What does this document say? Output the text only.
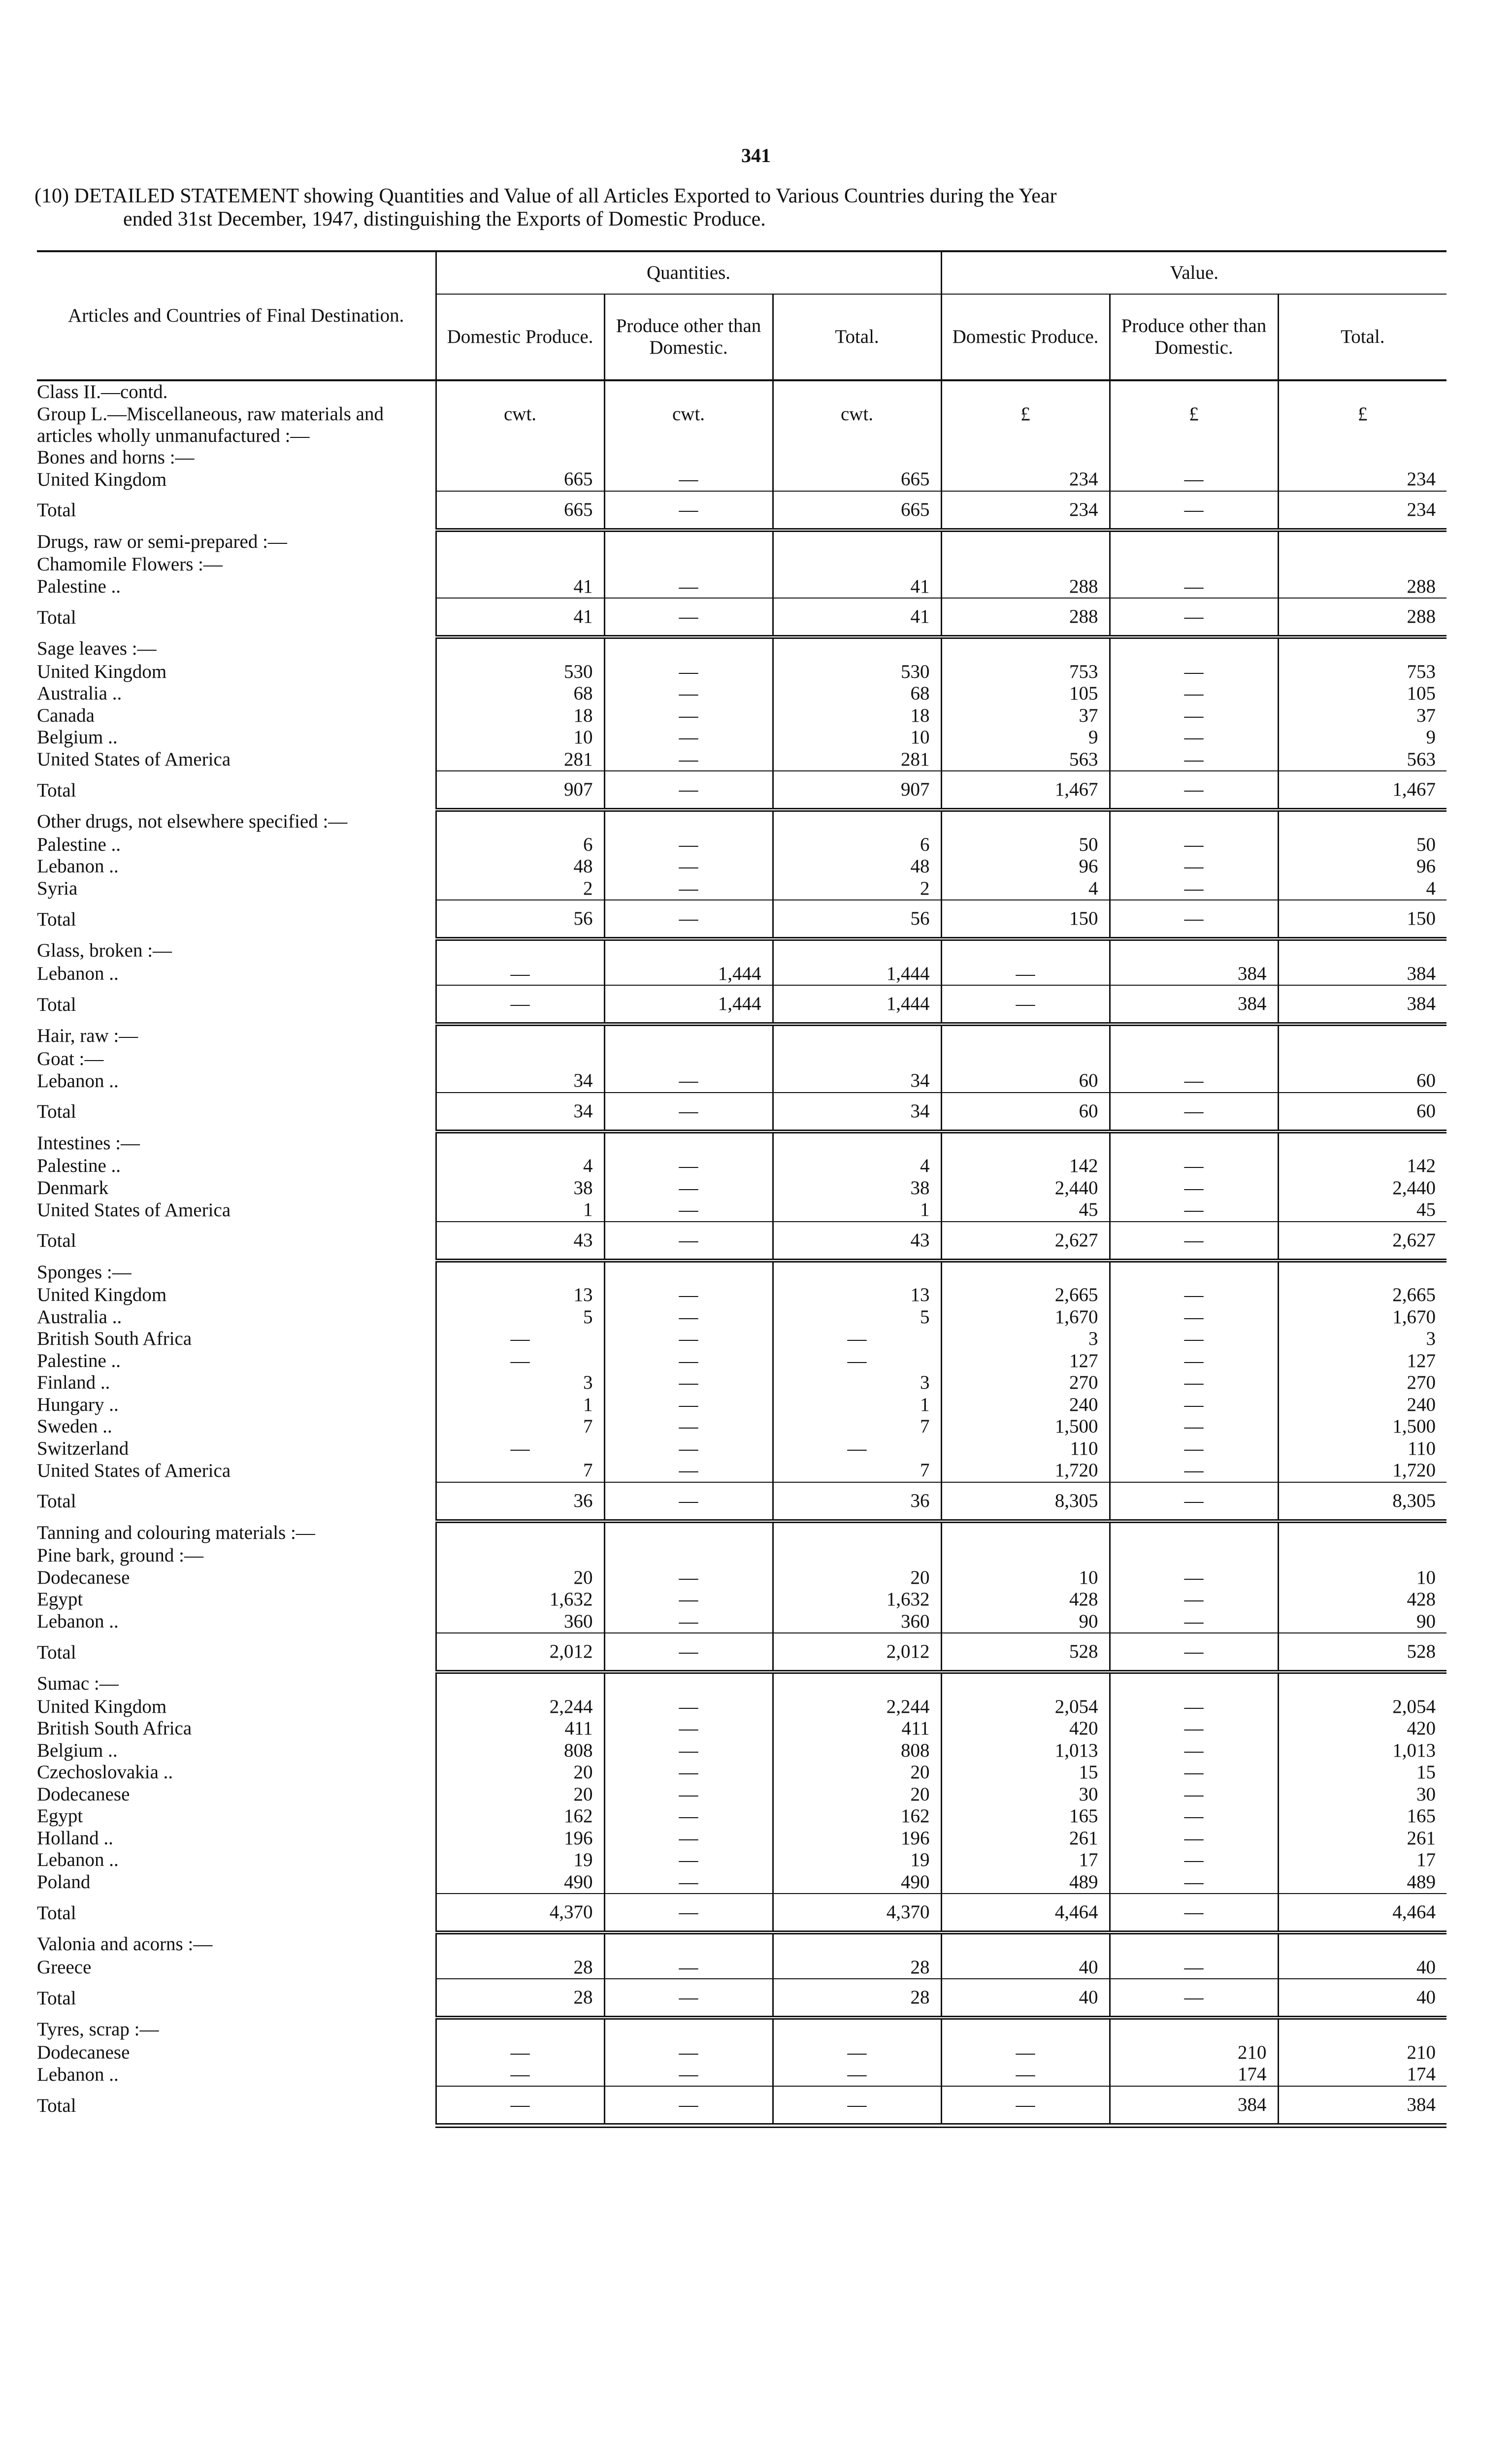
341
(10) DETAILED STATEMENT showing Quantities and Value of all Articles Exported to Various Countries during the Year
ended 31st December, 1947, distinguishing the Exports of Domestic Produce.
Articles and Countries of Final Destination.	Quantities.			Value.		
	Domestic Produce.	Produce other than Domestic.	Total.	Domestic Produce.	Produce other than Domestic.	Total.
Class II.—contd.						
Group L.—Miscellaneous, raw materials and articles wholly unmanufactured :—	cwt.	cwt.	cwt.	£	£	£
Bones and horns :—						
United Kingdom	665	—	665	234	—	234
Total	665	—	665	234	—	234
Drugs, raw or semi-prepared :—						
Chamomile Flowers :—						
Palestine ..	41	—	41	288	—	288
Total	41	—	41	288	—	288
Sage leaves :—						
United Kingdom	530	—	530	753	—	753
Australia ..	68	—	68	105	—	105
Canada	18	—	18	37	—	37
Belgium ..	10	—	10	9	—	9
United States of America	281	—	281	563	—	563
Total	907	—	907	1,467	—	1,467
Other drugs, not elsewhere specified :—						
Palestine ..	6	—	6	50	—	50
Lebanon ..	48	—	48	96	—	96
Syria	2	—	2	4	—	4
Total	56	—	56	150	—	150
Glass, broken :—						
Lebanon ..	—	1,444	1,444	—	384	384
Total	—	1,444	1,444	—	384	384
Hair, raw :—						
Goat :—						
Lebanon ..	34	—	34	60	—	60
Total	34	—	34	60	—	60
Intestines :—						
Palestine ..	4	—	4	142	—	142
Denmark	38	—	38	2,440	—	2,440
United States of America	1	—	1	45	—	45
Total	43	—	43	2,627	—	2,627
Sponges :—						
United Kingdom	13	—	13	2,665	—	2,665
Australia ..	5	—	5	1,670	—	1,670
British South Africa	—	—	—	3	—	3
Palestine ..	—	—	—	127	—	127
Finland ..	3	—	3	270	—	270
Hungary ..	1	—	1	240	—	240
Sweden ..	7	—	7	1,500	—	1,500
Switzerland	—	—	—	110	—	110
United States of America	7	—	7	1,720	—	1,720
Total	36	—	36	8,305	—	8,305
Tanning and colouring materials :—						
Pine bark, ground :—						
Dodecanese	20	—	20	10	—	10
Egypt	1,632	—	1,632	428	—	428
Lebanon ..	360	—	360	90	—	90
Total	2,012	—	2,012	528	—	528
Sumac :—						
United Kingdom	2,244	—	2,244	2,054	—	2,054
British South Africa	411	—	411	420	—	420
Belgium ..	808	—	808	1,013	—	1,013
Czechoslovakia ..	20	—	20	15	—	15
Dodecanese	20	—	20	30	—	30
Egypt	162	—	162	165	—	165
Holland ..	196	—	196	261	—	261
Lebanon ..	19	—	19	17	—	17
Poland	490	—	490	489	—	489
Total	4,370	—	4,370	4,464	—	4,464
Valonia and acorns :—						
Greece	28	—	28	40	—	40
Total	28	—	28	40	—	40
Tyres, scrap :—						
Dodecanese	—	—	—	—	210	210
Lebanon ..	—	—	—	—	174	174
Total	—	—	—	—	384	384
